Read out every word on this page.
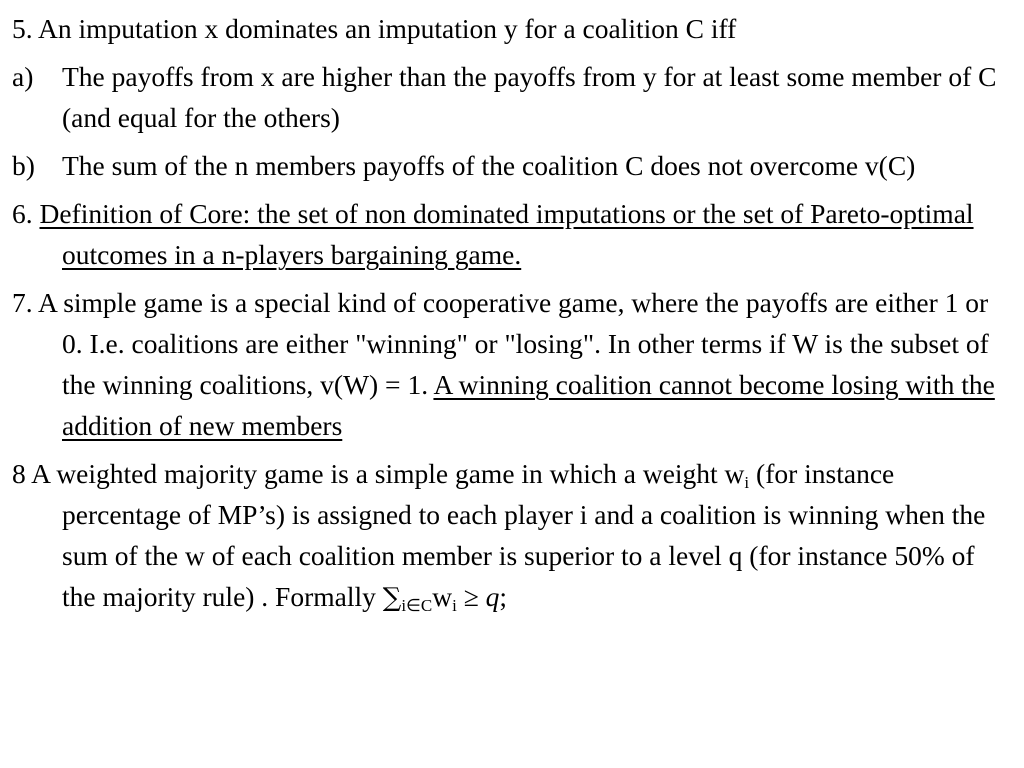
5. An imputation x dominates an imputation y for a coalition C iff

a)	The payoffs from x are higher than the payoffs from y for at least some member of C (and equal for the others)
b) The sum of the n members payoffs of the coalition C does not overcome v(C)

6. Definition of Core: the set of non dominated imputations or the set of Pareto-optimal outcomes in a n-players bargaining game.

7. A simple game is a special kind of cooperative game, where the payoffs are either 1 or 0. I.e. coalitions are either "winning" or "losing". In other terms if W is the subset of the winning coalitions, v(W) = 1. A winning coalition cannot become losing with the addition of new members

8 A weighted majority game is a simple game in which a weight $w_i$ (for instance percentage of MP’s) is assigned to each player i and a coalition is winning when the sum of the w of each coalition member is superior to a level q (for instance 50% of the majority rule) . Formally $\sum_{i\in C}w_i \ge q$;
